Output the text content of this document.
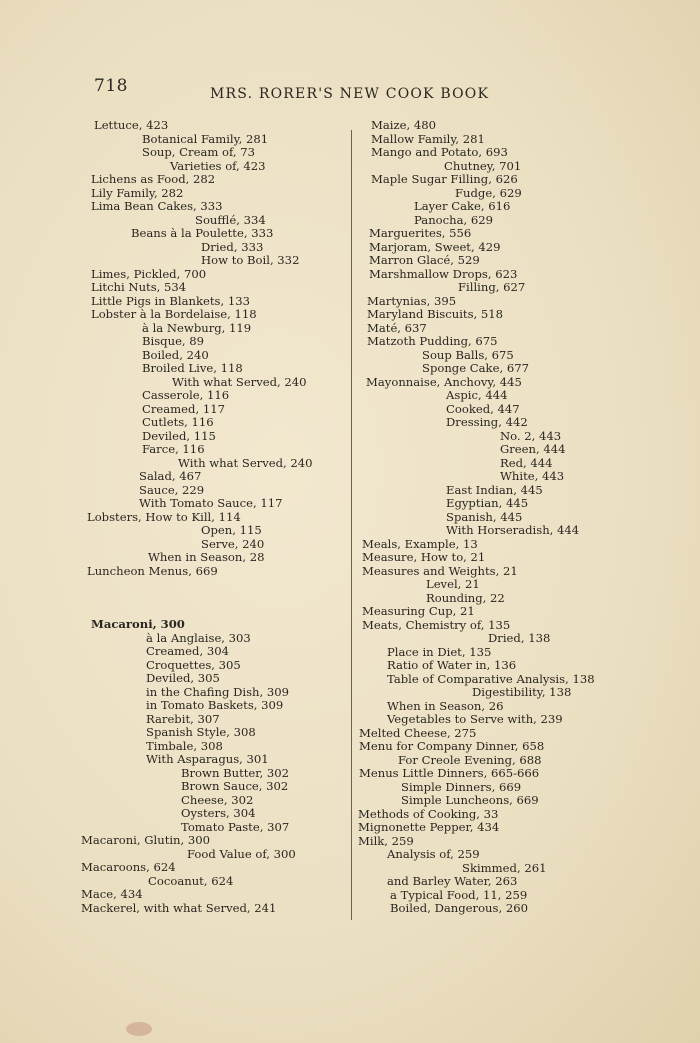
718	MRS. RORER'S NEW COOK BOOK
Lettuce, 423
Botanical Family, 281
Soup, Cream of, 73
Varieties of, 423
Lichens as Food, 282
Lily Family, 282
Lima Bean Cakes, 333
Soufflé, 334
Beans à la Poulette, 333
Dried, 333
How to Boil, 332
Limes, Pickled, 700
Litchi Nuts, 534
Little Pigs in Blankets, 133
Lobster à la Bordelaise, 118
à la Newburg, 119
Bisque, 89
Boiled, 240
Broiled Live, 118
With what Served, 240
Casserole, 116
Creamed, 117
Cutlets, 116
Deviled, 115
Farce, 116
With what Served, 240
Salad, 467
Sauce, 229
With Tomato Sauce, 117
Lobsters, How to Kill, 114
Open, 115
Serve, 240
When in Season, 28
Luncheon Menus, 669
Macaroni, 300
à la Anglaise, 303
Creamed, 304
Croquettes, 305
Deviled, 305
in the Chafing Dish, 309
in Tomato Baskets, 309
Rarebit, 307
Spanish Style, 308
Timbale, 308
With Asparagus, 301
Brown Butter, 302
Brown Sauce, 302
Cheese, 302
Oysters, 304
Tomato Paste, 307
Macaroni, Glutin, 300
Food Value of, 300
Macaroons, 624
Cocoanut, 624
Mace, 434
Mackerel, with what Served, 241
Maize, 480
Mallow Family, 281
Mango and Potato, 693
Chutney, 701
Maple Sugar Filling, 626
Fudge, 629
Layer Cake, 616
Panocha, 629
Marguerites, 556
Marjoram, Sweet, 429
Marron Glacé, 529
Marshmallow Drops, 623
Filling, 627
Martynias, 395
Maryland Biscuits, 518
Maté, 637
Matzoth Pudding, 675
Soup Balls, 675
Sponge Cake, 677
Mayonnaise, Anchovy, 445
Aspic, 444
Cooked, 447
Dressing, 442
No. 2, 443
Green, 444
Red, 444
White, 443
East Indian, 445
Egyptian, 445
Spanish, 445
With Horseradish, 444
Meals, Example, 13
Measure, How to, 21
Measures and Weights, 21
Level, 21
Rounding, 22
Measuring Cup, 21
Meats, Chemistry of, 135
Dried, 138
Place in Diet, 135
Ratio of Water in, 136
Table of Comparative Analysis, 138
Digestibility, 138
When in Season, 26
Vegetables to Serve with, 239
Melted Cheese, 275
Menu for Company Dinner, 658
For Creole Evening, 688
Menus Little Dinners, 665-666
Simple Dinners, 669
Simple Luncheons, 669
Methods of Cooking, 33
Mignonette Pepper, 434
Milk, 259
Analysis of, 259
Skimmed, 261
and Barley Water, 263
a Typical Food, 11, 259
Boiled, Dangerous, 260
